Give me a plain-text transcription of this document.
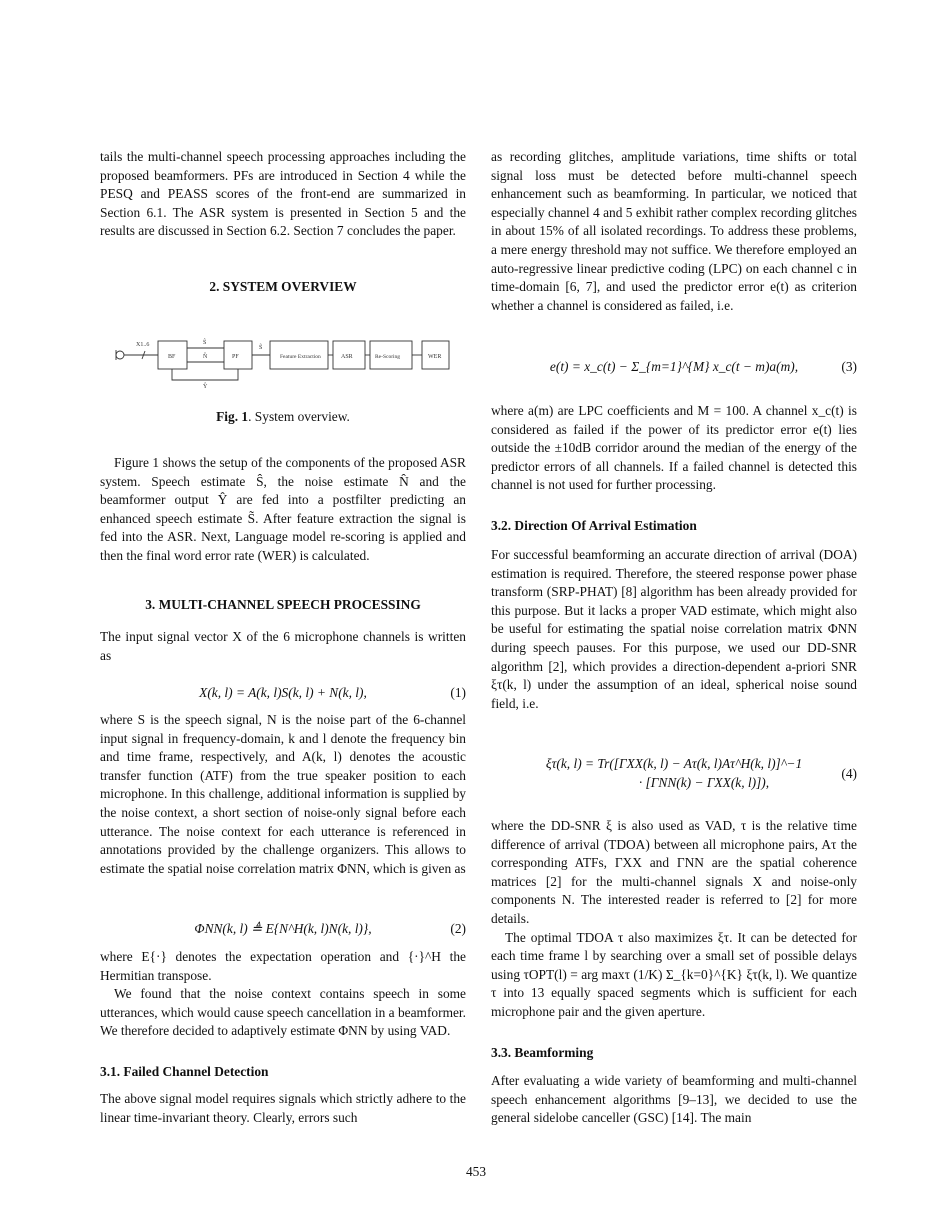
tails the multi-channel speech processing approaches including the proposed beamformers. PFs are introduced in Section 4 while the PESQ and PEASS scores of the front-end are summarized in Section 6.1. The ASR system is presented in Section 5 and the results are discussed in Section 6.2. Section 7 concludes the paper.

2. SYSTEM OVERVIEW
X1..6
BF
Ŝ
N̂
Ŷ
PF
S̃
Feature Extraction	ASR	Re-Scoring	WER
Fig. 1. System overview.

Figure 1 shows the setup of the components of the proposed ASR system. Speech estimate Ŝ, the noise estimate N̂ and the beamformer output Ŷ are fed into a postfilter predicting an enhanced speech estimate S̃. After feature extraction the signal is fed into the ASR. Next, Language model re-scoring is applied and then the final word error rate (WER) is calculated.

3. MULTI-CHANNEL SPEECH PROCESSING

The input signal vector X of the 6 microphone channels is written as

X(k, l) = A(k, l)S(k, l) + N(k, l),	(1)

where S is the speech signal, N is the noise part of the 6-channel input signal in frequency-domain, k and l denote the frequency bin and time frame, respectively, and A(k, l) denotes the acoustic transfer function (ATF) from the true speaker position to each microphone. In this challenge, additional information is supplied by the noise context, a short section of noise-only signal before each utterance. The noise context for each utterance is referenced in annotations provided by the challenge organizers. This allows to estimate the spatial noise correlation matrix ΦNN, which is given as

ΦNN(k, l) ≜ E{N^H(k, l)N(k, l)},	(2)

where E{·} denotes the expectation operation and {·}^H the Hermitian transpose.

We found that the noise context contains speech in some utterances, which would cause speech cancellation in a beamformer. We therefore decided to adaptively estimate ΦNN by using VAD.

3.1. Failed Channel Detection

The above signal model requires signals which strictly adhere to the linear time-invariant theory. Clearly, errors such

as recording glitches, amplitude variations, time shifts or total signal loss must be detected before multi-channel speech enhancement such as beamforming. In particular, we noticed that especially channel 4 and 5 exhibit rather complex recording glitches in about 15% of all isolated recordings. To address these problems, a mere energy threshold may not suffice. We therefore employed an auto-regressive linear predictive coding (LPC) on each channel c in time-domain [6, 7], and used the predictor error e(t) as criterion whether a channel is considered as failed, i.e.

e(t) = x_c(t) − Σ_{m=1}^{M} x_c(t − m)a(m),	(3)

where a(m) are LPC coefficients and M = 100. A channel x_c(t) is considered as failed if the power of its predictor error e(t) lies outside the ±10dB corridor around the median of the energy of the predictor errors of all channels. If a failed channel is detected this channel is not used for further processing.

3.2. Direction Of Arrival Estimation

For successful beamforming an accurate direction of arrival (DOA) estimation is required. Therefore, the steered response power phase transform (SRP-PHAT) [8] algorithm has been already provided for this purpose. But it lacks a proper VAD estimate, which might also be useful for estimating the spatial noise correlation matrix ΦNN during speech pauses. For this purpose, we used our DD-SNR algorithm [2], which provides a direction-dependent a-priori SNR ξτ(k, l) under the assumption of an ideal, spherical noise sound field, i.e.

ξτ(k, l) = Tr([ΓXX(k, l) − Aτ(k, l)Aτ^H(k, l)]^−1
· [ΓNN(k) − ΓXX(k, l)]),
(4)

where the DD-SNR ξ is also used as VAD, τ is the relative time difference of arrival (TDOA) between all microphone pairs, Aτ the corresponding ATFs, ΓXX and ΓNN are the spatial coherence matrices [2] for the multi-channel signals X and noise-only components N. The interested reader is referred to [2] for more details.

The optimal TDOA τ also maximizes ξτ. It can be detected for each time frame l by searching over a small set of possible delays using τOPT(l) = arg maxτ (1/K) Σ_{k=0}^{K} ξτ(k, l). We quantize τ into 13 equally spaced segments which is sufficient for each microphone pair and the given aperture.

3.3. Beamforming

After evaluating a wide variety of beamforming and multi-channel speech enhancement algorithms [9–13], we decided to use the general sidelobe canceller (GSC) [14]. The main

453
